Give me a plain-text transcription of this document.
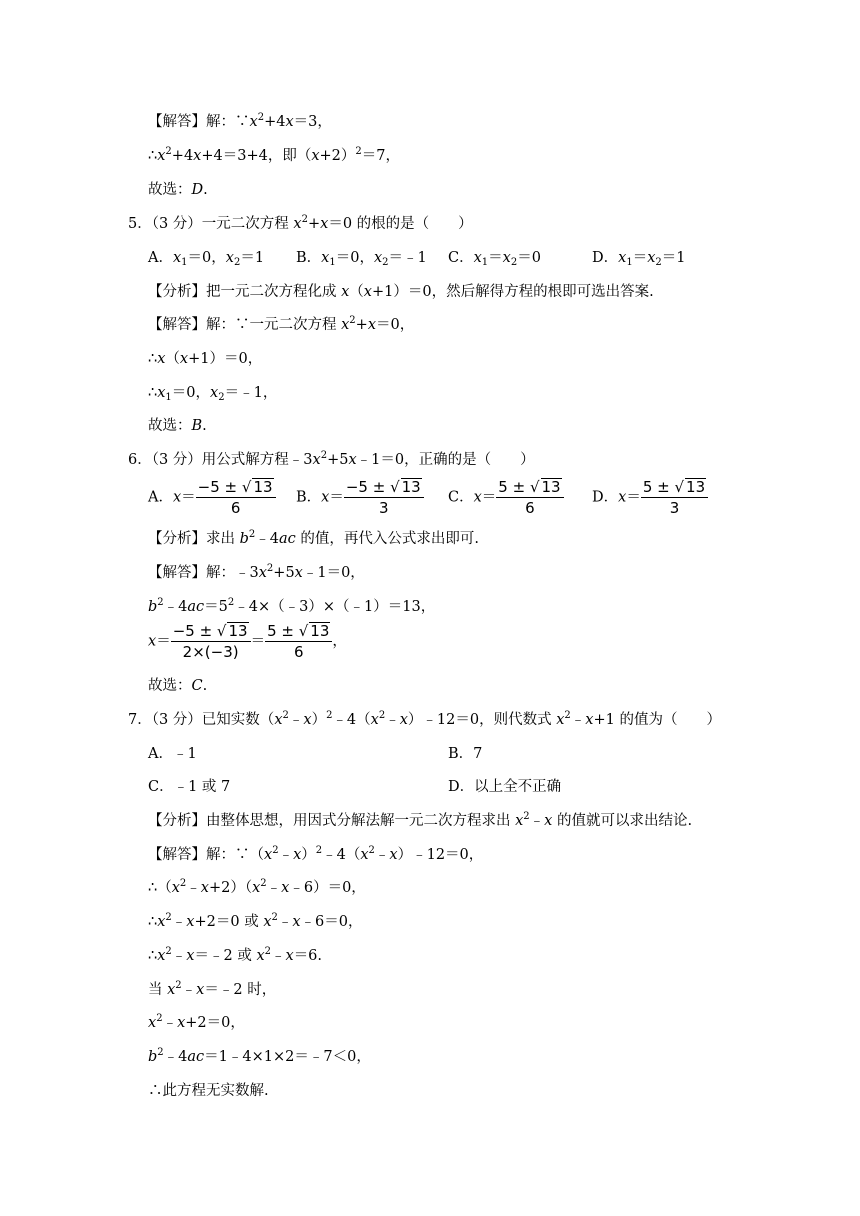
【解答】解：$\because x^2+4x=3$，
$\therefore x^2+4x+4=3+4$，即$(x+2)^2=7$，
故选：D.
5．（3 分）一元二次方程 $x^2+x=0$ 的根的是（　　）
A．$x_1=0$，$x_2=1$ B．$x_1=0$，$x_2=﹣1$ C．$x_1=x_2=0$	D．$x_1=x_2=1$
【分析】把一元二次方程化成 x（x+1）＝0，然后解得方程的根即可选出答案.
【解答】解：∵一元二次方程 $x^2+x=0$，
∴x（x+1）＝0，
$\therefore x_1=0$，$x_2=﹣1$，
故选：B.
6．（3 分）用公式解方程$﹣3x^2+5x﹣1=0$，正确的是（　　）
A．$x= \frac{-5 \pm √ 13}{6}$ B．$x= \frac{-5 \pm √ 13}{3}$ C．$x= \frac{5 \pm √ 13}{6}$ D．$x= \frac{5 \pm √ 13}{3}$
【分析】求出 $b^2﹣4ac$ 的值，再代入公式求出即可.
【解答】解：$﹣3x^2+5x﹣1=0$，
$b^2﹣4ac=5^2﹣4\times(﹣3)\times(﹣1)=13$，
$x= \frac{-5 \pm √ 13}{2\times(-3)} = \frac{5 \pm √ 13}{6}$ ，
故选：C.
7．（3 分）已知实数$(x^2﹣x)^2﹣4(x^2﹣x)﹣12=0$，则代数式 $x^2﹣x+1$ 的值为（　　）
A．﹣1	B．7
C．﹣1 或 7	D．以上全不正确
【分析】由整体思想，用因式分解法解一元二次方程求出 $x^2﹣x$ 的值就可以求出结论.
【解答】解：$\because(x^2﹣x)^2﹣4(x^2﹣x)﹣12=0$，
$\therefore(x^2﹣x+2)(x^2﹣x﹣6)=0$，
$\therefore x^2﹣x+2=0$ 或 $x^2﹣x﹣6=0$，
$\therefore x^2﹣x=﹣2$ 或 $x^2﹣x=6$.
当 $x^2﹣x=﹣2$ 时，
$x^2﹣x+2=0$，
$b^2﹣4ac=1﹣4\times 1\times 2=﹣7<0$，
∴此方程无实数解.
